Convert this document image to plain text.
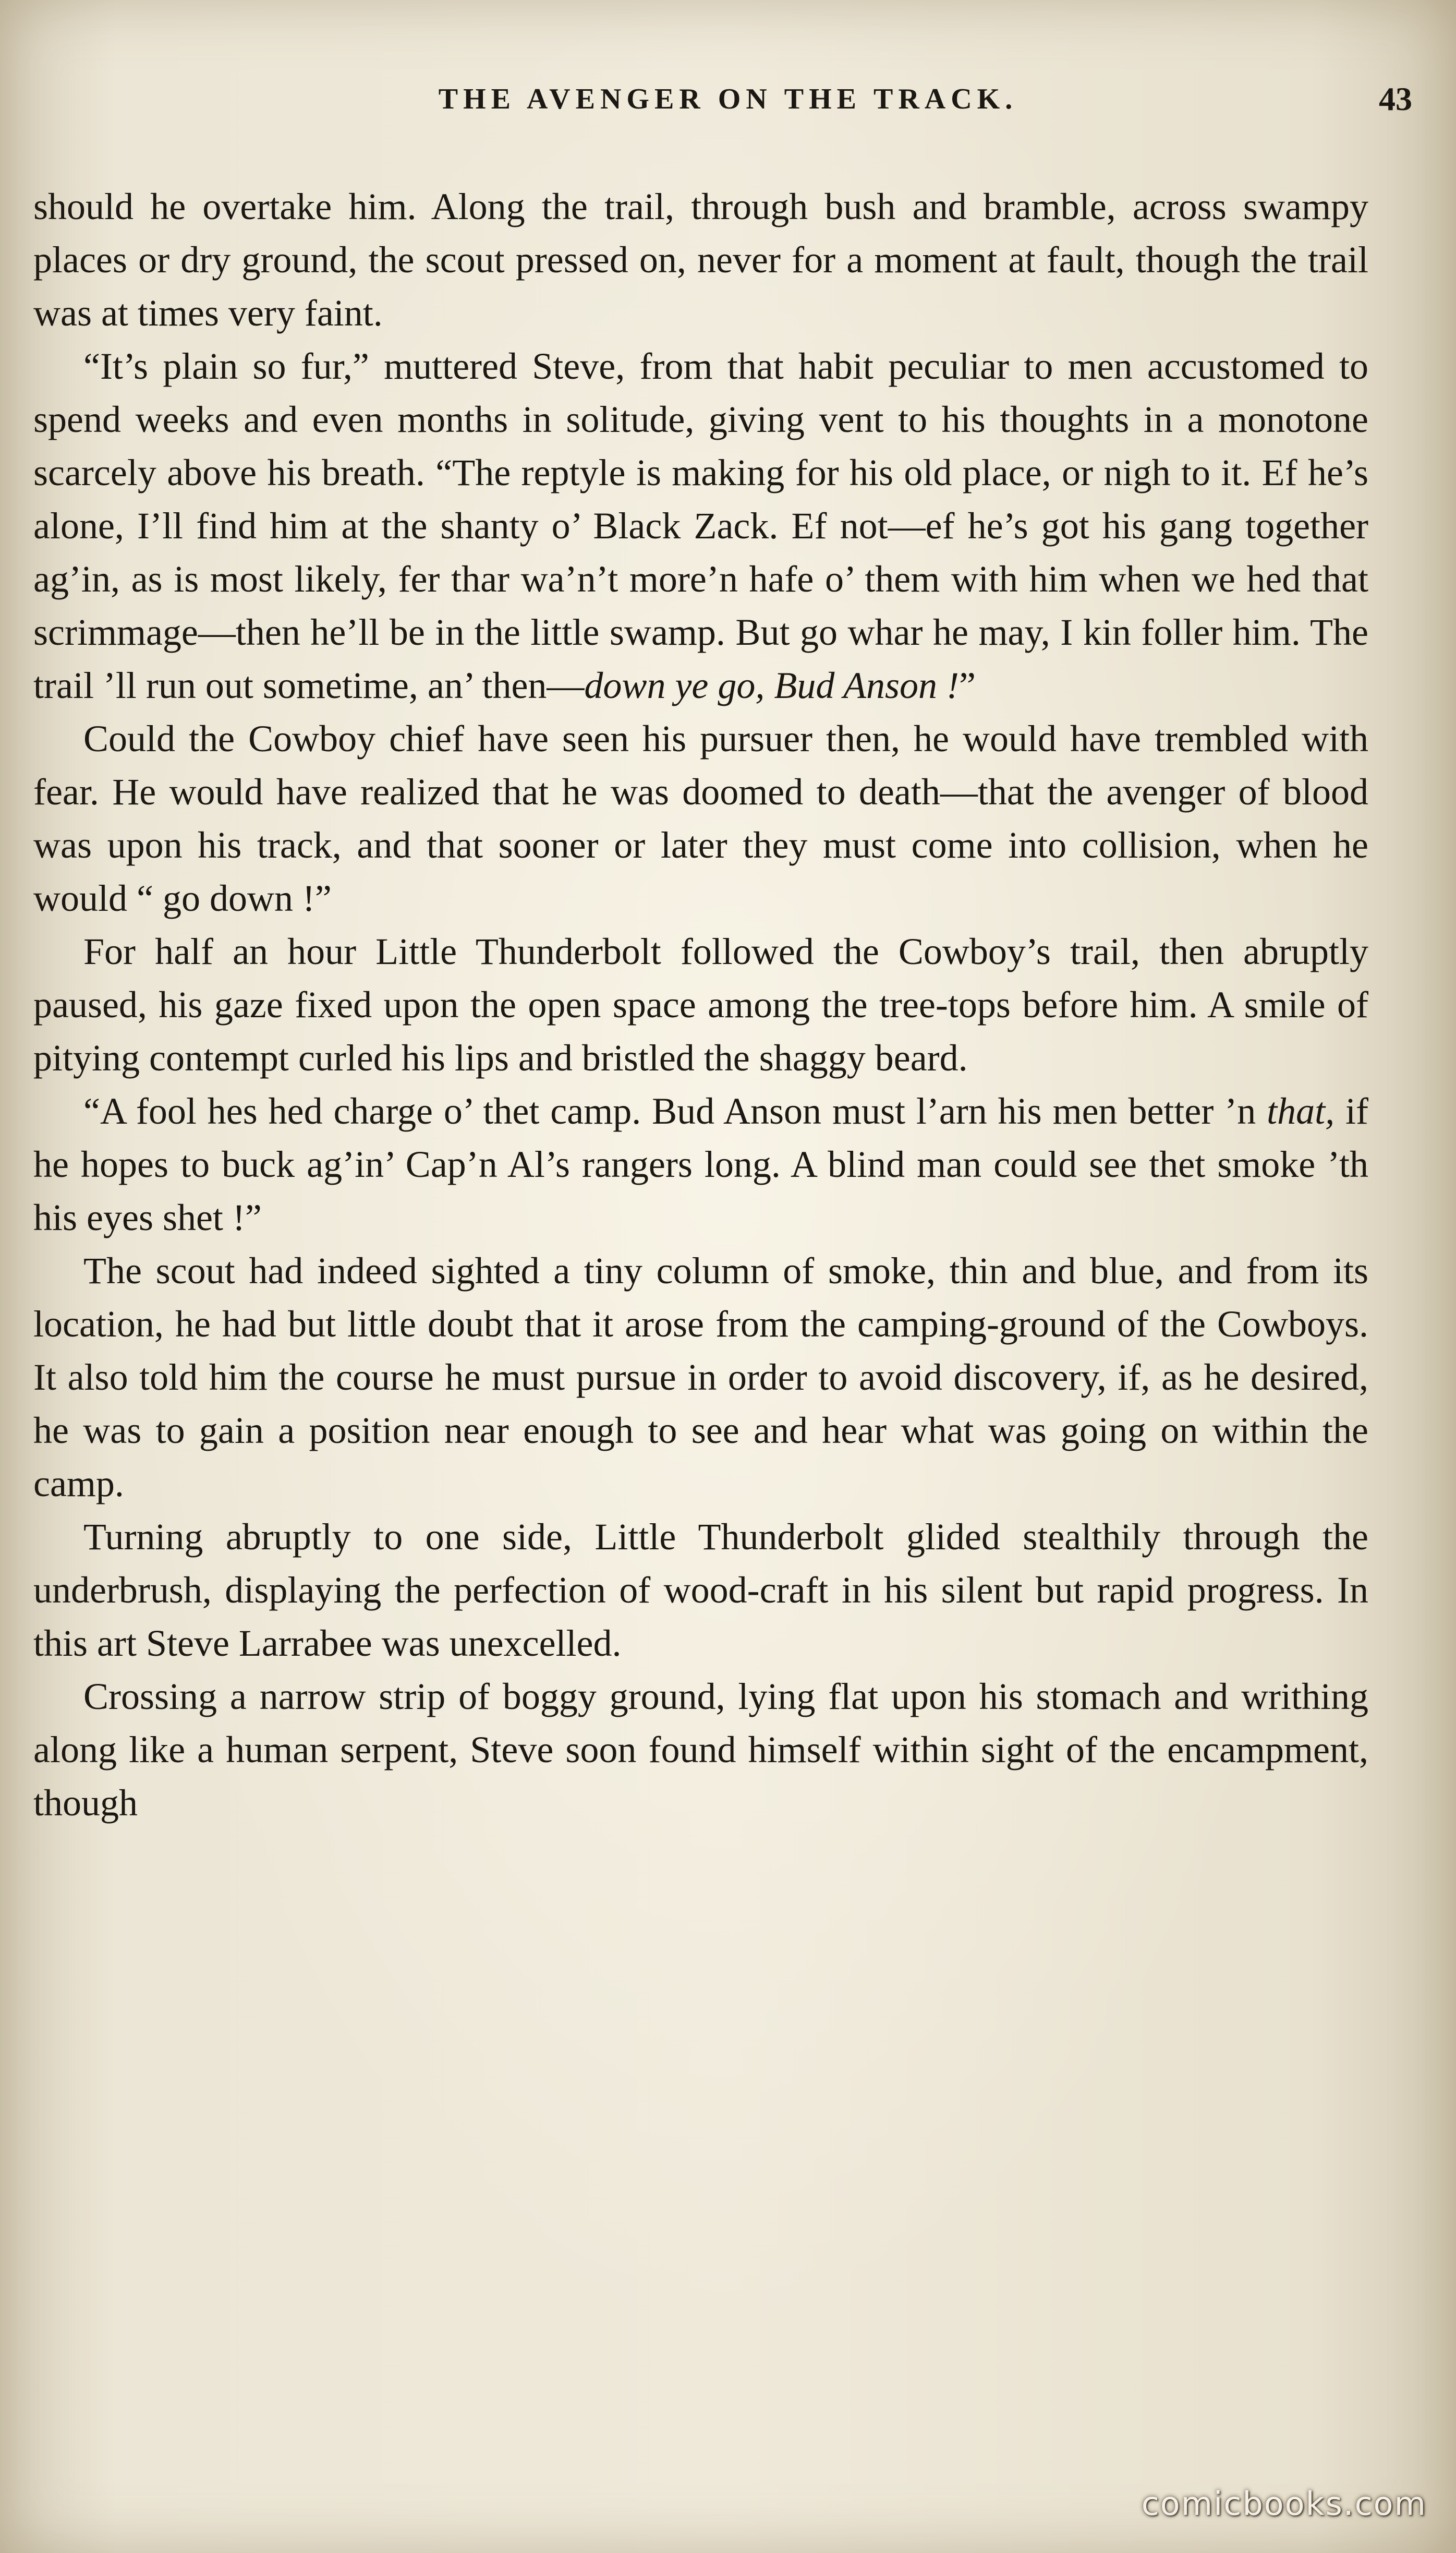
THE AVENGER ON THE TRACK.	43

should he overtake him. Along the trail, through bush and bramble, across swampy places or dry ground, the scout pressed on, never for a moment at fault, though the trail was at times very faint.

“It’s plain so fur,” muttered Steve, from that habit peculiar to men accustomed to spend weeks and even months in solitude, giving vent to his thoughts in a monotone scarcely above his breath. “The reptyle is making for his old place, or nigh to it. Ef he’s alone, I’ll find him at the shanty o’ Black Zack. Ef not—ef he’s got his gang together ag’in, as is most likely, fer thar wa’n’t more’n hafe o’ them with him when we hed that scrimmage—then he’ll be in the little swamp. But go whar he may, I kin foller him. The trail ’ll run out sometime, an’ then—down ye go, Bud Anson !”

Could the Cowboy chief have seen his pursuer then, he would have trembled with fear. He would have realized that he was doomed to death—that the avenger of blood was upon his track, and that sooner or later they must come into collision, when he would “ go down !”

For half an hour Little Thunderbolt followed the Cowboy’s trail, then abruptly paused, his gaze fixed upon the open space among the tree-tops before him. A smile of pitying contempt curled his lips and bristled the shaggy beard.

“A fool hes hed charge o’ thet camp. Bud Anson must l’arn his men better ’n that, if he hopes to buck ag’in’ Cap’n Al’s rangers long. A blind man could see thet smoke ’th his eyes shet !”

The scout had indeed sighted a tiny column of smoke, thin and blue, and from its location, he had but little doubt that it arose from the camping-ground of the Cowboys. It also told him the course he must pursue in order to avoid discovery, if, as he desired, he was to gain a position near enough to see and hear what was going on within the camp.

Turning abruptly to one side, Little Thunderbolt glided stealthily through the underbrush, displaying the perfection of wood-craft in his silent but rapid progress. In this art Steve Larrabee was unexcelled.

Crossing a narrow strip of boggy ground, lying flat upon his stomach and writhing along like a human serpent, Steve soon found himself within sight of the encampment, though

comicbooks.com
